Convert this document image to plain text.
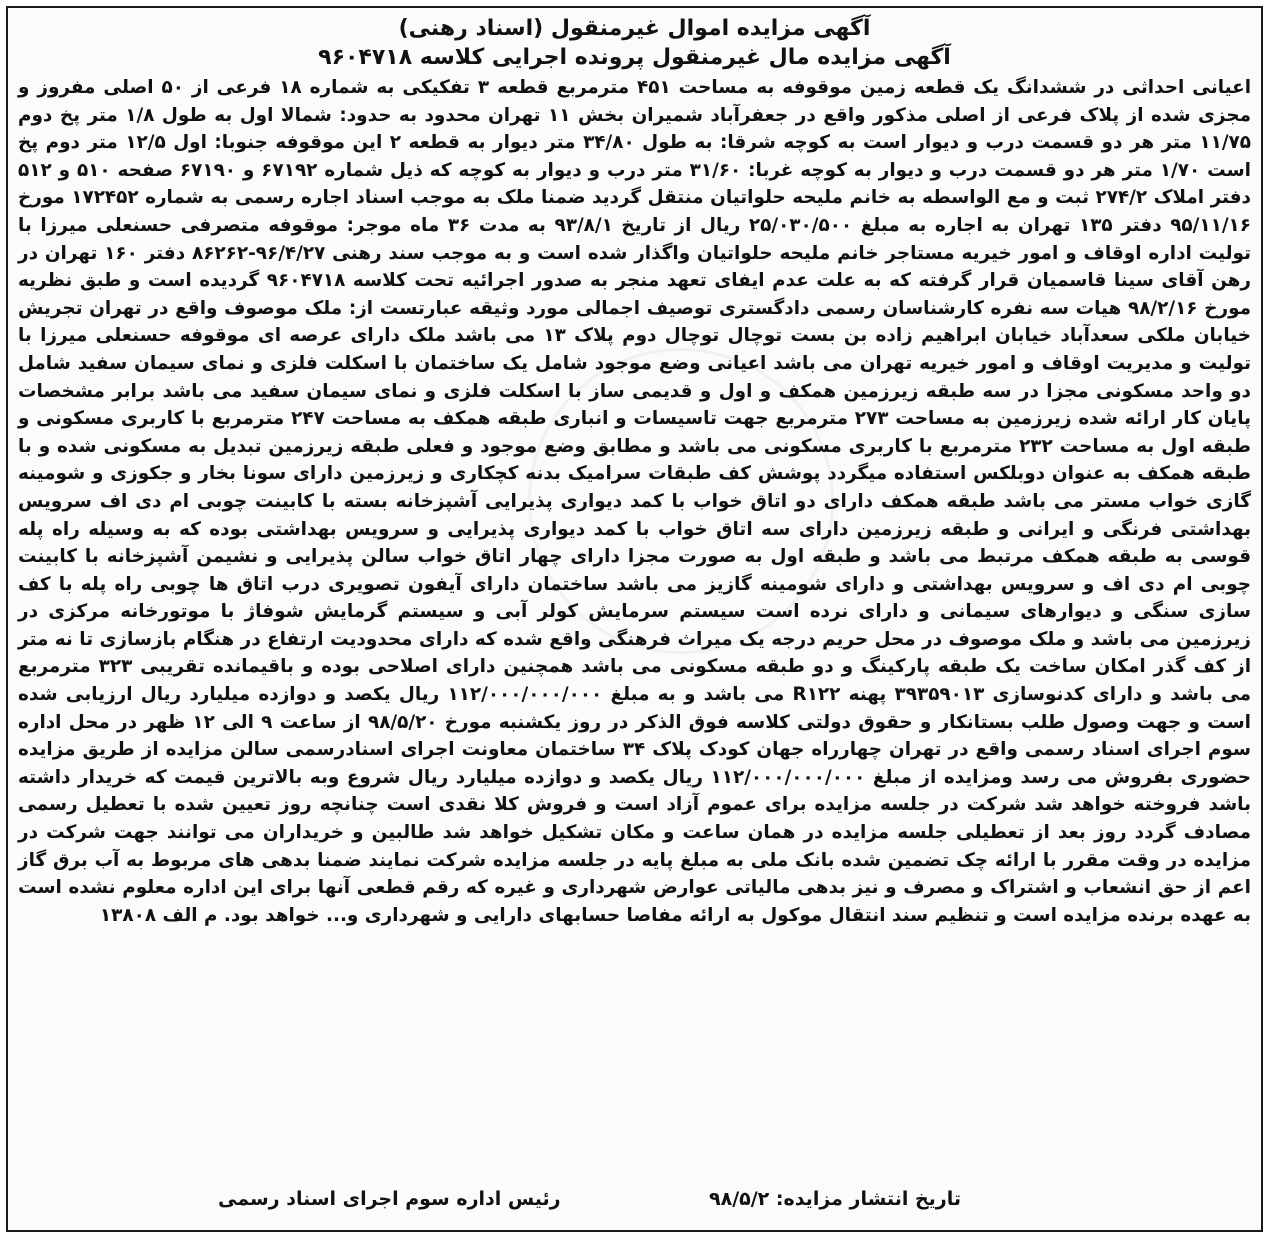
آگهی مزایده اموال غیرمنقول (اسناد رهنی)

آگهی مزایده مال غیرمنقول پرونده اجرایی کلاسه ۹۶۰۴۷۱۸

اعیانی احداثی در ششدانگ یک قطعه زمین موقوفه به مساحت ۴۵۱ مترمربع قطعه ۳ تفکیکی به شماره ۱۸ فرعی از ۵۰ اصلی مفروز و مجزی شده از پلاک فرعی از اصلی مذکور واقع در جعفرآباد شمیران بخش ۱۱ تهران محدود به حدود: شمالا اول به طول ۱/۸ متر پخ دوم ۱۱/۷۵ متر هر دو قسمت درب و دیوار است به کوچه شرقا: به طول ۳۴/۸۰ متر دیوار به قطعه ۲ این موقوفه جنوبا: اول ۱۲/۵ متر دوم پخ است ۱/۷۰ متر هر دو قسمت درب و دیوار به کوچه غربا: ۳۱/۶۰ متر درب و دیوار به کوچه که ذیل شماره ۶۷۱۹۲ و ۶۷۱۹۰ صفحه ۵۱۰ و ۵۱۲ دفتر املاک ۲۷۴/۲ ثبت و مع الواسطه به خانم ملیحه حلواتیان منتقل گردید ضمنا ملک به موجب اسناد اجاره رسمی به شماره ۱۷۲۴۵۲ مورخ ۹۵/۱۱/۱۶ دفتر ۱۳۵ تهران به اجاره به مبلغ ۲۵/۰۳۰/۵۰۰ ریال از تاریخ ۹۳/۸/۱ به مدت ۳۶ ماه موجر: موقوفه متصرفی حسنعلی میرزا با تولیت اداره اوقاف و امور خیریه مستاجر خانم ملیحه حلواتیان واگذار شده است و به موجب سند رهنی ۹۶/۴/۲۷-۸۶۲۶۲ دفتر ۱۶۰ تهران در رهن آقای سینا قاسمیان قرار گرفته که به علت عدم ایفای تعهد منجر به صدور اجرائیه تحت کلاسه ۹۶۰۴۷۱۸ گردیده است و طبق نظریه مورخ ۹۸/۲/۱۶ هیات سه نفره کارشناسان رسمی دادگستری توصیف اجمالی مورد وثیقه عبارتست از: ملک موصوف واقع در تهران تجریش خیابان ملکی سعدآباد خیابان ابراهیم زاده بن بست توچال توچال دوم پلاک ۱۳ می باشد ملک دارای عرصه ای موقوفه حسنعلی میرزا با تولیت و مدیریت اوقاف و امور خیریه تهران می باشد اعیانی وضع موجود شامل یک ساختمان با اسکلت فلزی و نمای سیمان سفید شامل دو واحد مسکونی مجزا در سه طبقه زیرزمین همکف و اول و قدیمی ساز با اسکلت فلزی و نمای سیمان سفید می باشد برابر مشخصات پایان کار ارائه شده زیرزمین به مساحت ۲۷۳ مترمربع جهت تاسیسات و انباری طبقه همکف به مساحت ۲۴۷ مترمربع با کاربری مسکونی و طبقه اول به مساحت ۲۳۲ مترمربع با کاربری مسکونی می باشد و مطابق وضع موجود و فعلی طبقه زیرزمین تبدیل به مسکونی شده و با طبقه همکف به عنوان دوبلکس استفاده میگردد پوشش کف طبقات سرامیک بدنه کچکاری و زیرزمین دارای سونا بخار و جکوزی و شومینه گازی خواب مستر می باشد طبقه همکف دارای دو اتاق خواب با کمد دیواری پذیرایی آشپزخانه بسته با کابینت چوبی ام دی اف سرویس بهداشتی فرنگی و ایرانی و طبقه زیرزمین دارای سه اتاق خواب با کمد دیواری پذیرایی و سرویس بهداشتی بوده که به وسیله راه پله قوسی به طبقه همکف مرتبط می باشد و طبقه اول به صورت مجزا دارای چهار اتاق خواب سالن پذیرایی و نشیمن آشپزخانه با کابینت چوبی ام دی اف و سرویس بهداشتی و دارای شومینه گازیز می باشد ساختمان دارای آیفون تصویری درب اتاق ها چوبی راه پله با کف سازی سنگی و دیوارهای سیمانی و دارای نرده است سیستم سرمایش کولر آبی و سیستم گرمایش شوفاژ با موتورخانه مرکزی در زیرزمین می باشد و ملک موصوف در محل حریم درجه یک میراث فرهنگی واقع شده که دارای محدودیت ارتفاع در هنگام بازسازی تا نه متر از کف گذر امکان ساخت یک طبقه پارکینگ و دو طبقه مسکونی می باشد همچنین دارای اصلاحی بوده و باقیمانده تقریبی ۳۲۳ مترمربع می باشد و دارای کدنوسازی ۳۹۳۵۹۰۱۳ پهنه R۱۲۲ می باشد و به مبلغ ۱۱۲/۰۰۰/۰۰۰/۰۰۰ ریال یکصد و دوازده میلیارد ریال ارزیابی شده است و جهت وصول طلب بستانکار و حقوق دولتی کلاسه فوق الذکر در روز یکشنبه مورخ ۹۸/۵/۲۰ از ساعت ۹ الی ۱۲ ظهر در محل اداره سوم اجرای اسناد رسمی واقع در تهران چهارراه جهان کودک پلاک ۳۴ ساختمان معاونت اجرای اسنادرسمی سالن مزایده از طریق مزایده حضوری بفروش می رسد ومزایده از مبلغ ۱۱۲/۰۰۰/۰۰۰/۰۰۰ ریال یکصد و دوازده میلیارد ریال شروع وبه بالاترین قیمت که خریدار داشته باشد فروخته خواهد شد شرکت در جلسه مزایده برای عموم آزاد است و فروش کلا نقدی است چنانچه روز تعیین شده با تعطیل رسمی مصادف گردد روز بعد از تعطیلی جلسه مزایده در همان ساعت و مکان تشکیل خواهد شد طالبین و خریداران می توانند جهت شرکت در مزایده در وقت مقرر با ارائه چک تضمین شده بانک ملی به مبلغ پایه در جلسه مزایده شرکت نمایند ضمنا بدهی های مربوط به آب برق گاز اعم از حق انشعاب و اشتراک و مصرف و نیز بدهی مالیاتی عوارض شهرداری و غیره که رقم قطعی آنها برای این اداره معلوم نشده است به عهده برنده مزایده است و تنظیم سند انتقال موکول به ارائه مفاصا حسابهای دارایی و شهرداری و... خواهد بود. م الف ۱۳۸۰۸

تاریخ انتشار مزایده: ۹۸/۵/۲
رئیس اداره سوم اجرای اسناد رسمی
